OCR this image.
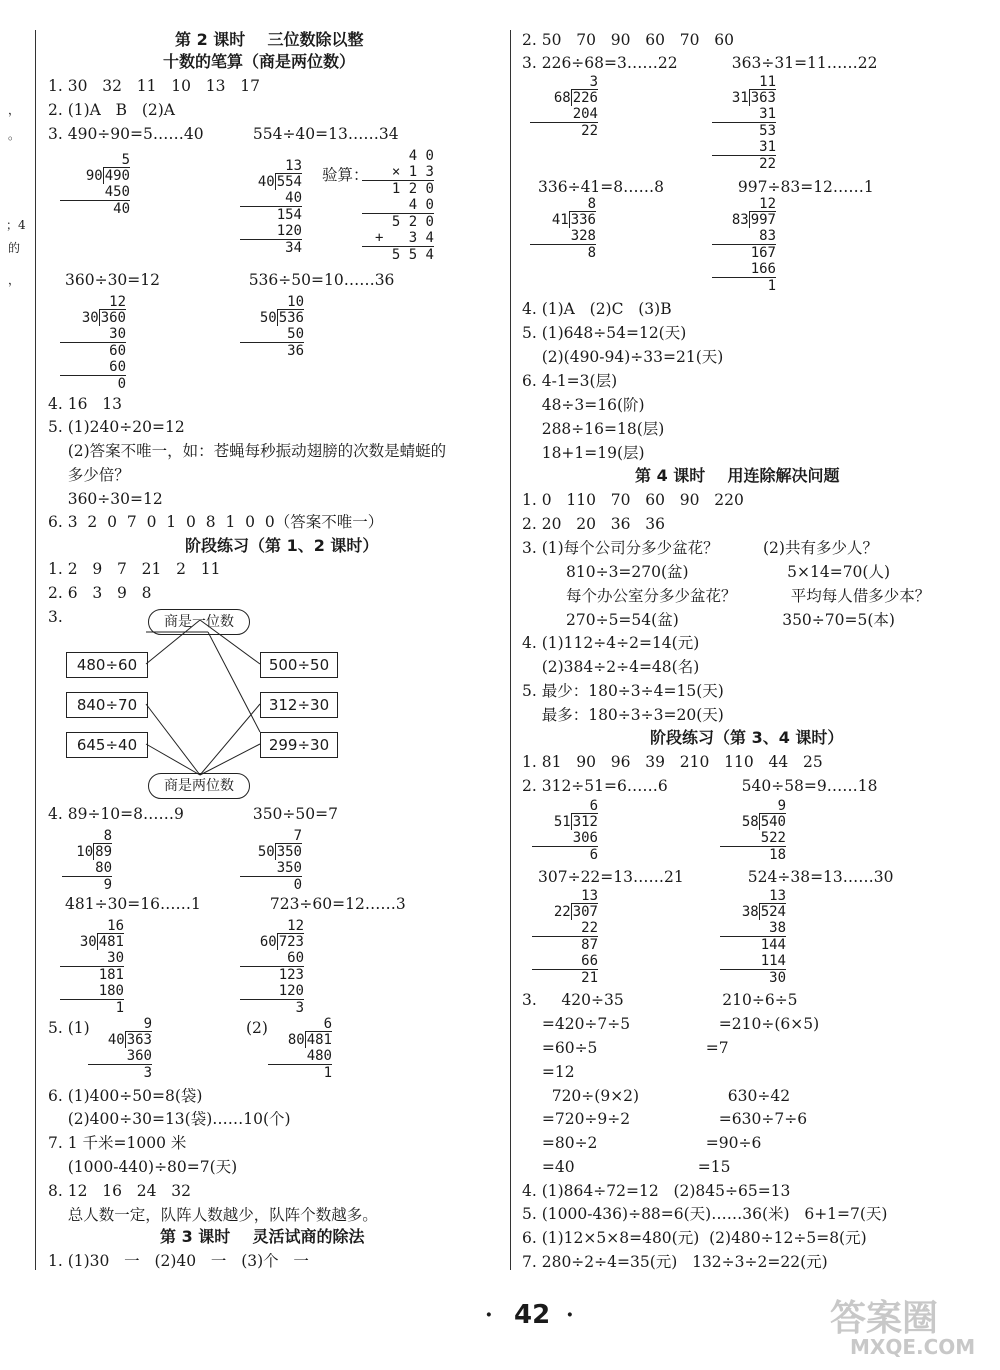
，
。
；4
的
，
第 2 课时    三位数除以整
十数的笔算（商是两位数）
1. 30   32   11   10   13   17
2. (1)A   B   (2)A
3. 490÷90=5……40          554÷40=13……34
5
90 490
450
40
13
40 554
40
154
120
34
验算：
4 0
× 1 3
1 2 0
4 0
5 2 0
+   3 4
5 5 4
360÷30=12                  536÷50=10……36
12
30 360
30
60
60
0
10
50 536
50
36
4. 16   13
5. (1)240÷20=12
(2)答案不唯一，如：苍蝇每秒振动翅膀的次数是蜻蜓的
多少倍？
360÷30=12
6. 3  2  0  7  0  1  0  8  1  0  0（答案不唯一）
阶段练习（第 1、2 课时）
1. 2   9   7   21   2   11
2. 6   3   9   8
3.	商是一位数
商是两位数
480÷60
840÷70
645÷40
500÷50
312÷30
299÷30
4. 89÷10=8……9              350÷50=7
8
10 89
80
9
7
50 350
350
0
481÷30=16……1              723÷60=12……3
16
30 481
30
181
180
1
12
60 723
60
123
120
3
5. (1)	9
40 363
360
3
(2)	6
80 481
480
1
6. (1)400÷50=8(袋)
(2)400÷30=13(袋)……10(个)
7. 1 千米=1000 米
(1000-440)÷80=7(天)
8. 12   16   24   32
总人数一定，队阵人数越少，队阵个数越多。
第 3 课时    灵活试商的除法
1. (1)30   一   (2)40   一   (3)个   一
2. 50   70   90   60   70   60
3. 226÷68=3……22           363÷31=11……22
3
68 226
204
22
11
31 363
31
53
31
22
336÷41=8……8               997÷83=12……1
8
41 336
328
8
12
83 997
83
167
166
1
4. (1)A   (2)C   (3)B
5. (1)648÷54=12(天)
(2)(490-94)÷33=21(天)
6. 4-1=3(层)
48÷3=16(阶)
288÷16=18(层)
18+1=19(层)
第 4 课时    用连除解决问题
1. 0   110   70   60   90   220
2. 20   20   36   36
3. (1)每个公司分多少盆花？         (2)共有多少人？
810÷3=270(盆)                    5×14=70(人)
每个办公室分多少盆花？           平均每人借多少本？
270÷5=54(盆)                     350÷70=5(本)
4. (1)112÷4÷2=14(元)
(2)384÷2÷4=48(名)
5. 最少：180÷3÷4=15(天)
最多：180÷3÷3=20(天)
阶段练习（第 3、4 课时）
1. 81   90   96   39   210   110   44   25
2. 312÷51=6……6               540÷58=9……18
6
51 312
306
6
9
58 540
522
18
307÷22=13……21             524÷38=13……30
13
22 307
22
87
66
21
13
38 524
38
144
114
30
3.     420÷35                    210÷6÷5
=420÷7÷5                  =210÷(6×5)
=60÷5                      =7
=12
720÷(9×2)                  630÷42
=720÷9÷2                  =630÷7÷6
=80÷2                      =90÷6
=40                         =15
4. (1)864÷72=12   (2)845÷65=13
5. (1000-436)÷88=6(天)……36(米)   6+1=7(天)
6. (1)12×5×8=480(元)  (2)480÷12÷5=8(元)
7. 280÷2÷4=35(元)   132÷3÷2=22(元)
· 42 ·	答案圈
MXQE.COM
